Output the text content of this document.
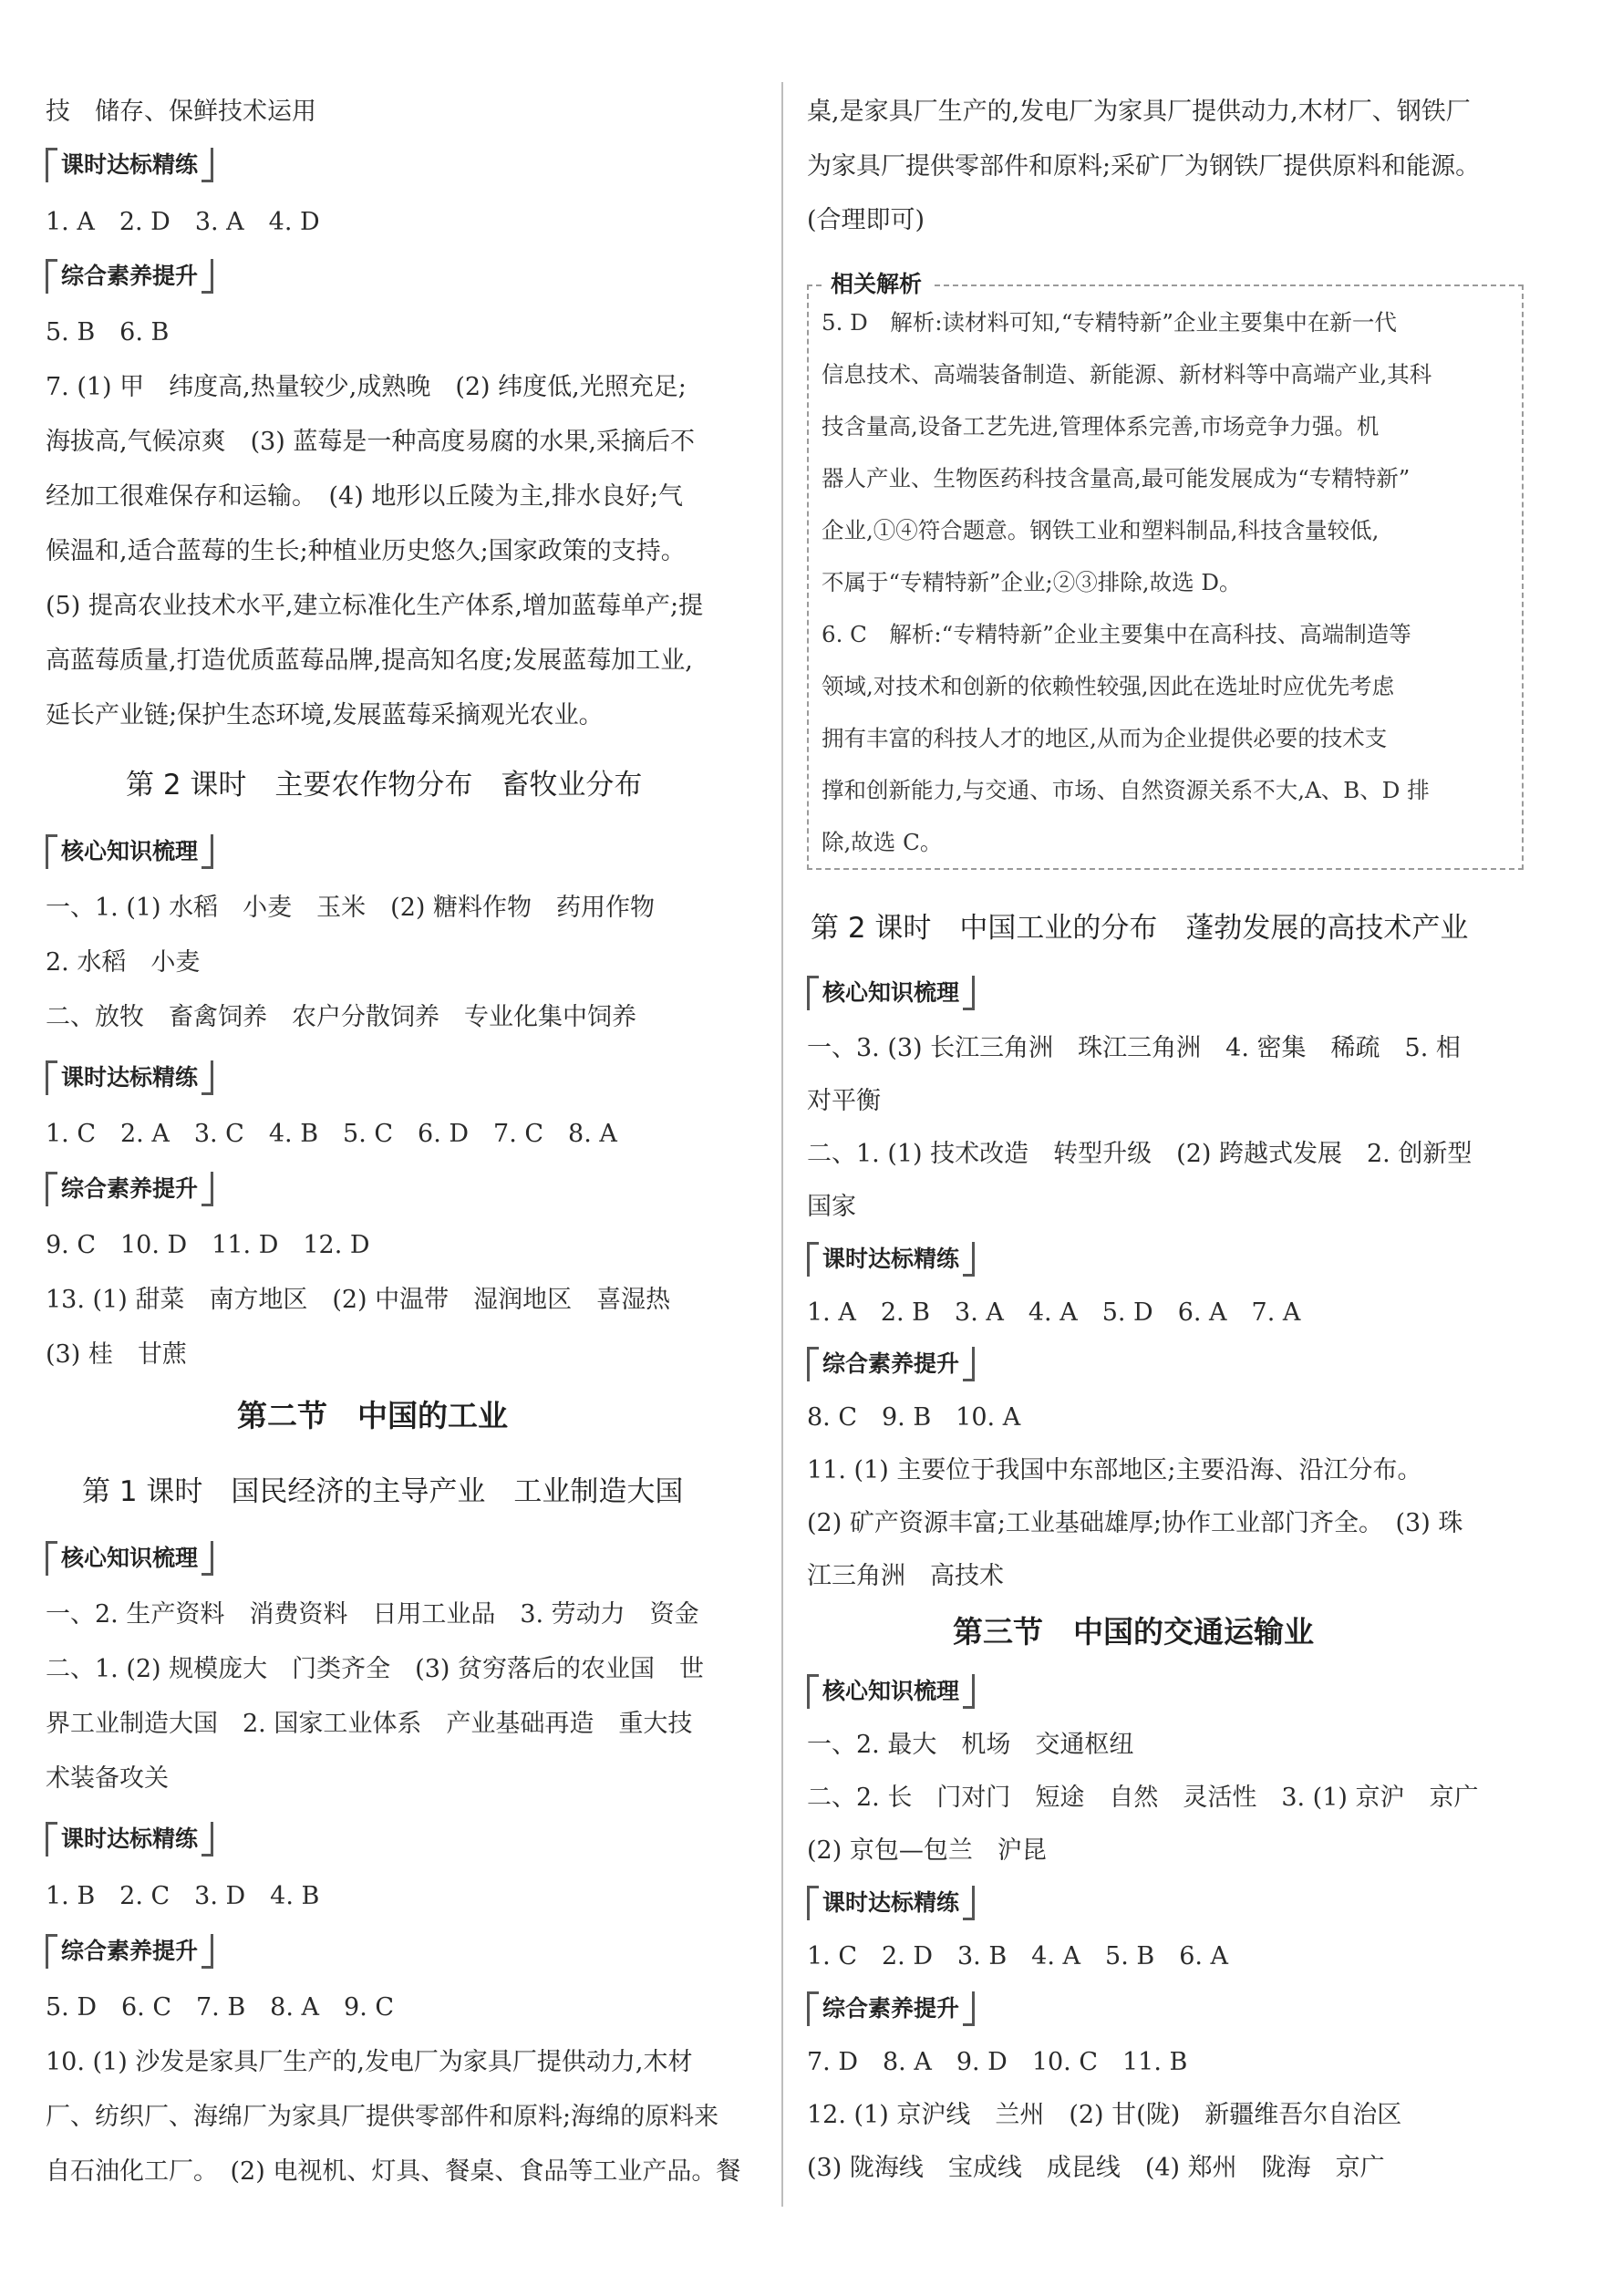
技　储存、保鲜技术运用
课时达标精练
1. A　2. D　3. A　4. D
综合素养提升
5. B　6. B
7. (1) 甲　纬度高,热量较少,成熟晚　(2) 纬度低,光照充足;
海拔高,气候凉爽　(3) 蓝莓是一种高度易腐的水果,采摘后不
经加工很难保存和运输。　(4) 地形以丘陵为主,排水良好;气
候温和,适合蓝莓的生长;种植业历史悠久;国家政策的支持。
(5) 提高农业技术水平,建立标准化生产体系,增加蓝莓单产;提
高蓝莓质量,打造优质蓝莓品牌,提高知名度;发展蓝莓加工业,
延长产业链;保护生态环境,发展蓝莓采摘观光农业。
第 2 课时　主要农作物分布　畜牧业分布
核心知识梳理
一、1. (1) 水稻　小麦　玉米　(2) 糖料作物　药用作物
2. 水稻　小麦
二、放牧　畜禽饲养　农户分散饲养　专业化集中饲养
课时达标精练
1. C　2. A　3. C　4. B　5. C　6. D　7. C　8. A
综合素养提升
9. C　10. D　11. D　12. D
13. (1) 甜菜　南方地区　(2) 中温带　湿润地区　喜湿热
(3) 桂　甘蔗
第二节　中国的工业
第 1 课时　国民经济的主导产业　工业制造大国
核心知识梳理
一、2. 生产资料　消费资料　日用工业品　3. 劳动力　资金
二、1. (2) 规模庞大　门类齐全　(3) 贫穷落后的农业国　世
界工业制造大国　2. 国家工业体系　产业基础再造　重大技
术装备攻关
课时达标精练
1. B　2. C　3. D　4. B
综合素养提升
5. D　6. C　7. B　8. A　9. C
10. (1) 沙发是家具厂生产的,发电厂为家具厂提供动力,木材
厂、纺织厂、海绵厂为家具厂提供零部件和原料;海绵的原料来
自石油化工厂。　(2) 电视机、灯具、餐桌、食品等工业产品。餐
桌,是家具厂生产的,发电厂为家具厂提供动力,木材厂、钢铁厂
为家具厂提供零部件和原料;采矿厂为钢铁厂提供原料和能源。
(合理即可)
相关解析
5. D　解析:读材料可知,“专精特新”企业主要集中在新一代
信息技术、高端装备制造、新能源、新材料等中高端产业,其科
技含量高,设备工艺先进,管理体系完善,市场竞争力强。机
器人产业、生物医药科技含量高,最可能发展成为“专精特新”
企业,①④符合题意。钢铁工业和塑料制品,科技含量较低,
不属于“专精特新”企业;②③排除,故选 D。
6. C　解析:“专精特新”企业主要集中在高科技、高端制造等
领域,对技术和创新的依赖性较强,因此在选址时应优先考虑
拥有丰富的科技人才的地区,从而为企业提供必要的技术支
撑和创新能力,与交通、市场、自然资源关系不大,A、B、D 排
除,故选 C。
第 2 课时　中国工业的分布　蓬勃发展的高技术产业
核心知识梳理
一、3. (3) 长江三角洲　珠江三角洲　4. 密集　稀疏　5. 相
对平衡
二、1. (1) 技术改造　转型升级　(2) 跨越式发展　2. 创新型
国家
课时达标精练
1. A　2. B　3. A　4. A　5. D　6. A　7. A
综合素养提升
8. C　9. B　10. A
11. (1) 主要位于我国中东部地区;主要沿海、沿江分布。
(2) 矿产资源丰富;工业基础雄厚;协作工业部门齐全。　(3) 珠
江三角洲　高技术
第三节　中国的交通运输业
核心知识梳理
一、2. 最大　机场　交通枢纽
二、2. 长　门对门　短途　自然　灵活性　3. (1) 京沪　京广
(2) 京包—包兰　沪昆
课时达标精练
1. C　2. D　3. B　4. A　5. B　6. A
综合素养提升
7. D　8. A　9. D　10. C　11. B
12. (1) 京沪线　兰州　(2) 甘(陇)　新疆维吾尔自治区
(3) 陇海线　宝成线　成昆线　(4) 郑州　陇海　京广
